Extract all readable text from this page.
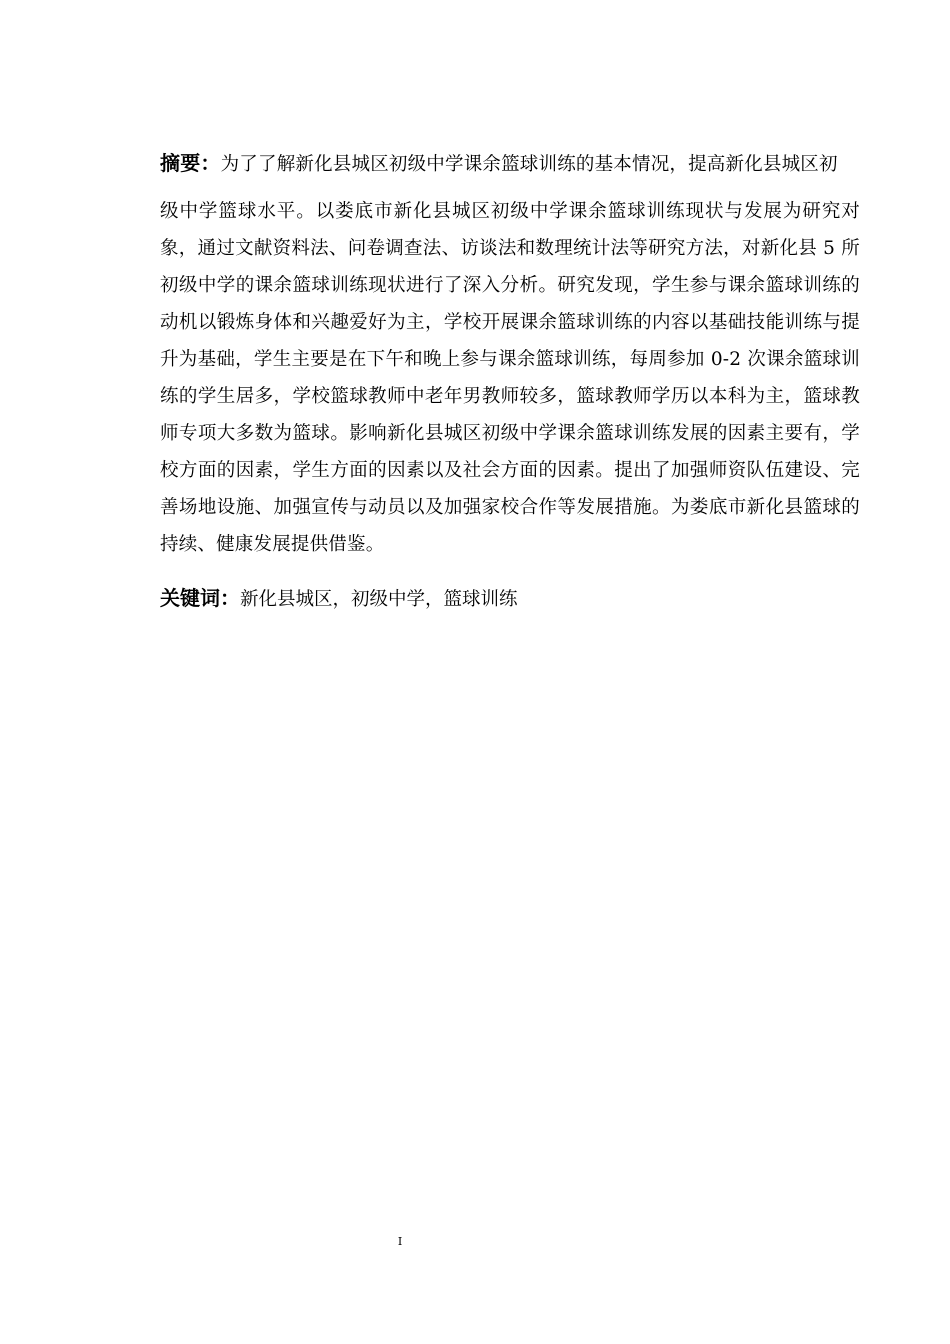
摘要：为了了解新化县城区初级中学课余篮球训练的基本情况，提高新化县城区初
级中学篮球水平。以娄底市新化县城区初级中学课余篮球训练现状与发展为研究对象，通过文献资料法、问卷调查法、访谈法和数理统计法等研究方法，对新化县 5 所初级中学的课余篮球训练现状进行了深入分析。研究发现，学生参与课余篮球训练的动机以锻炼身体和兴趣爱好为主，学校开展课余篮球训练的内容以基础技能训练与提升为基础，学生主要是在下午和晚上参与课余篮球训练，每周参加 0-2 次课余篮球训练的学生居多，学校篮球教师中老年男教师较多，篮球教师学历以本科为主，篮球教师专项大多数为篮球。影响新化县城区初级中学课余篮球训练发展的因素主要有，学校方面的因素，学生方面的因素以及社会方面的因素。提出了加强师资队伍建设、完善场地设施、加强宣传与动员以及加强家校合作等发展措施。为娄底市新化县篮球的持续、健康发展提供借鉴。

关键词：新化县城区，初级中学，篮球训练

I
